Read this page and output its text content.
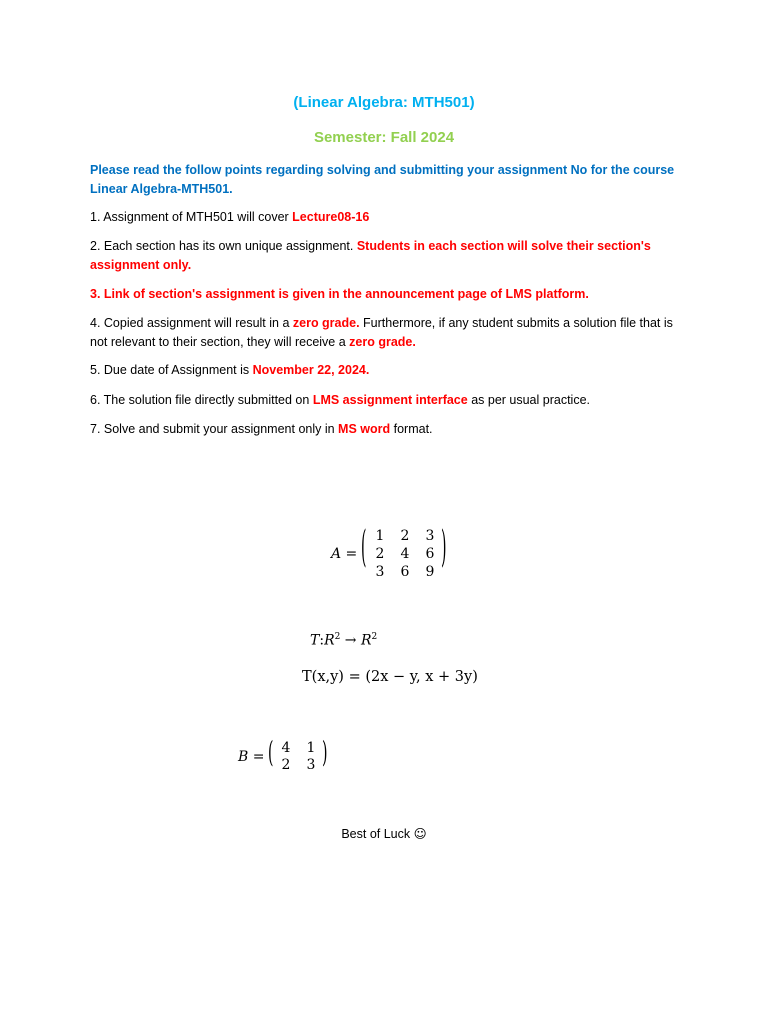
(Linear Algebra: MTH501)
Semester: Fall 2024
Please read the follow points regarding solving and submitting your assignment No for the course Linear Algebra-MTH501.
1. Assignment of MTH501 will cover Lecture08-16
2. Each section has its own unique assignment. Students in each section will solve their section's assignment only.
3. Link of section's assignment is given in the announcement page of LMS platform.
4. Copied assignment will result in a zero grade. Furthermore, if any student submits a solution file that is not relevant to their section, they will receive a zero grade.
5. Due date of Assignment is November 22, 2024.
6. The solution file directly submitted on LMS assignment interface as per usual practice.
7. Solve and submit your assignment only in MS word format.
A = ( 1	2	3
2	4	6
3	6	9 )
$T:R^2 \to R^2$
T(x,y) = (2x − y, x + 3y)
B = ( 4	1
2	3 )
Best of Luck ☺
